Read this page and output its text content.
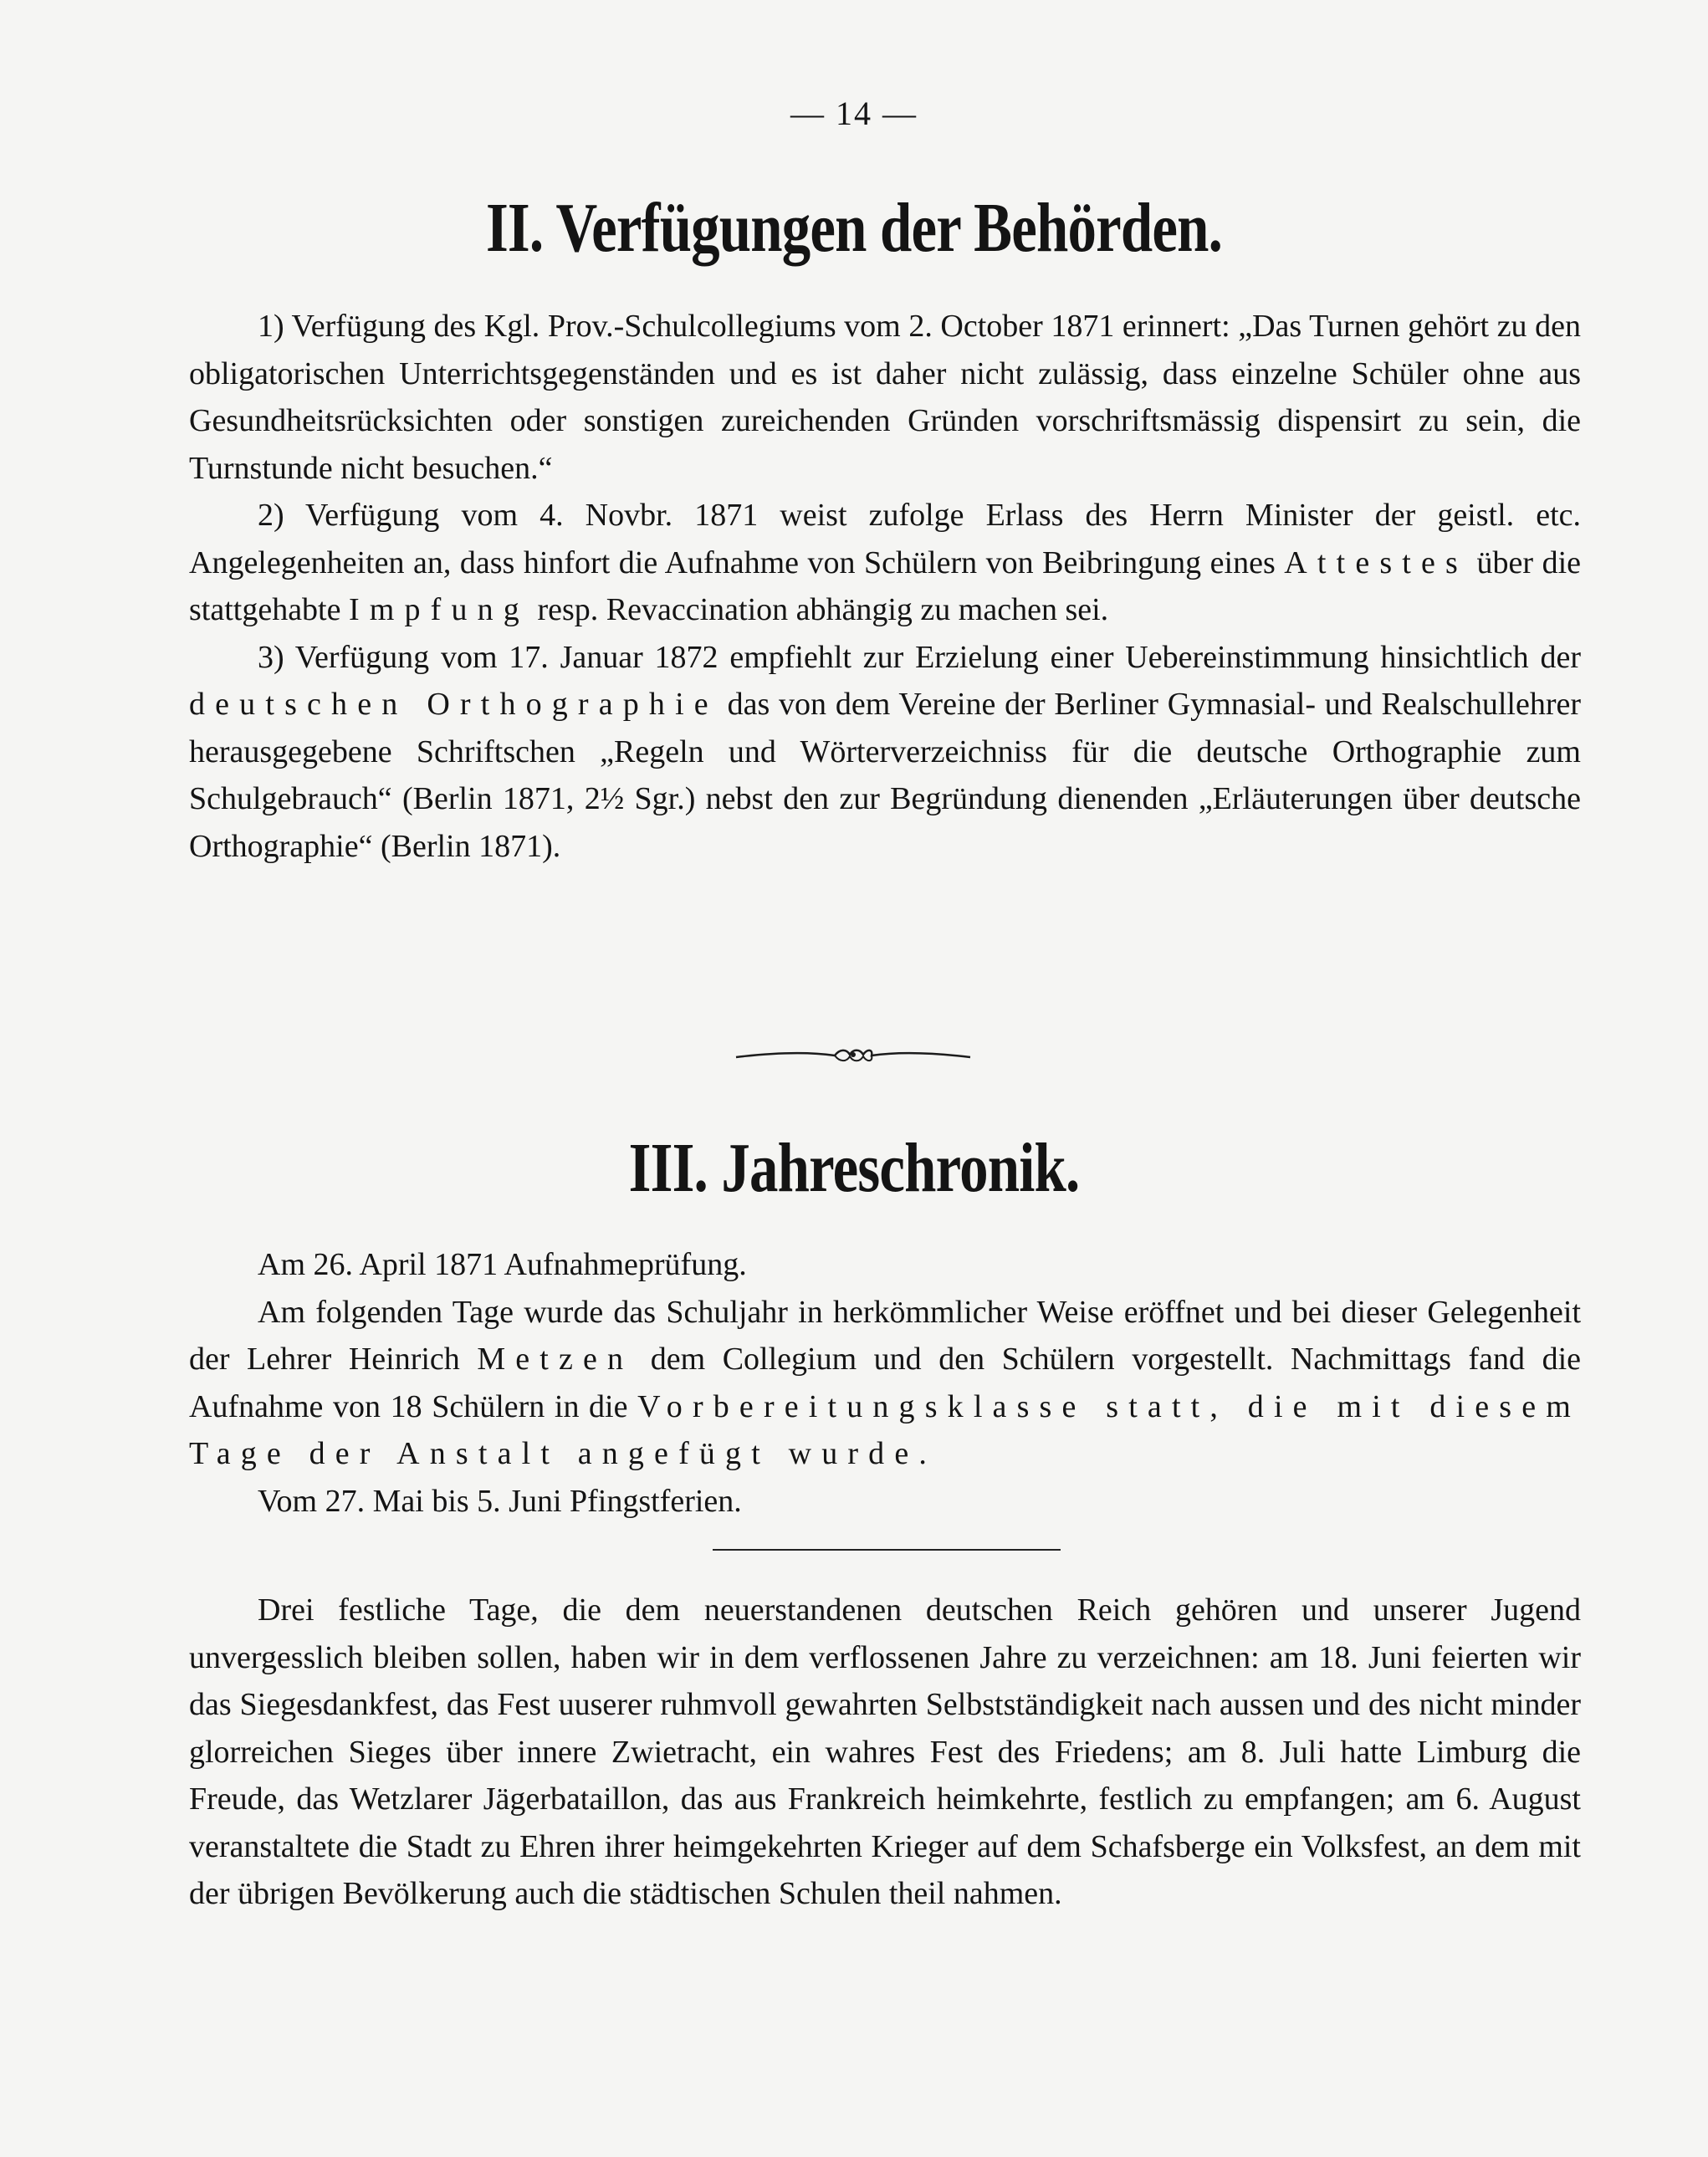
— 14 —
II. Verfügungen der Behörden.

1) Verfügung des Kgl. Prov.-Schulcollegiums vom 2. October 1871 erinnert: „Das Turnen gehört zu den obligatorischen Unterrichtsgegenständen und es ist daher nicht zulässig, dass einzelne Schüler ohne aus Gesundheitsrücksichten oder sonstigen zureichenden Gründen vorschriftsmässig dispensirt zu sein, die Turnstunde nicht besuchen.“

2) Verfügung vom 4. Novbr. 1871 weist zufolge Erlass des Herrn Minister der geistl. etc. Angelegenheiten an, dass hinfort die Aufnahme von Schülern von Beibringung eines Attestes über die stattgehabte Impfung resp. Revaccination abhängig zu machen sei.

3) Verfügung vom 17. Januar 1872 empfiehlt zur Erzielung einer Uebereinstimmung hinsichtlich der deutschen Orthographie das von dem Vereine der Berliner Gymnasial- und Realschullehrer herausgegebene Schriftschen „Regeln und Wörterverzeichniss für die deutsche Orthographie zum Schulgebrauch“ (Berlin 1871, 2½ Sgr.) nebst den zur Begründung dienenden „Erläuterungen über deutsche Orthographie“ (Berlin 1871).

III. Jahreschronik.

Am 26. April 1871 Aufnahmeprüfung.

Am folgenden Tage wurde das Schuljahr in herkömmlicher Weise eröffnet und bei dieser Gelegenheit der Lehrer Heinrich Metzen dem Collegium und den Schülern vorgestellt. Nachmittags fand die Aufnahme von 18 Schülern in die Vorbereitungsklasse statt, die mit diesem Tage der Anstalt angefügt wurde.

Vom 27. Mai bis 5. Juni Pfingstferien.

Drei festliche Tage, die dem neuerstandenen deutschen Reich gehören und unserer Jugend unvergesslich bleiben sollen, haben wir in dem verflossenen Jahre zu verzeichnen: am 18. Juni feierten wir das Siegesdankfest, das Fest uuserer ruhmvoll gewahrten Selbstständigkeit nach aussen und des nicht minder glorreichen Sieges über innere Zwietracht, ein wahres Fest des Friedens; am 8. Juli hatte Limburg die Freude, das Wetzlarer Jägerbataillon, das aus Frankreich heimkehrte, festlich zu empfangen; am 6. August veranstaltete die Stadt zu Ehren ihrer heimgekehrten Krieger auf dem Schafsberge ein Volksfest, an dem mit der übrigen Bevölkerung auch die städtischen Schulen theil nahmen.
